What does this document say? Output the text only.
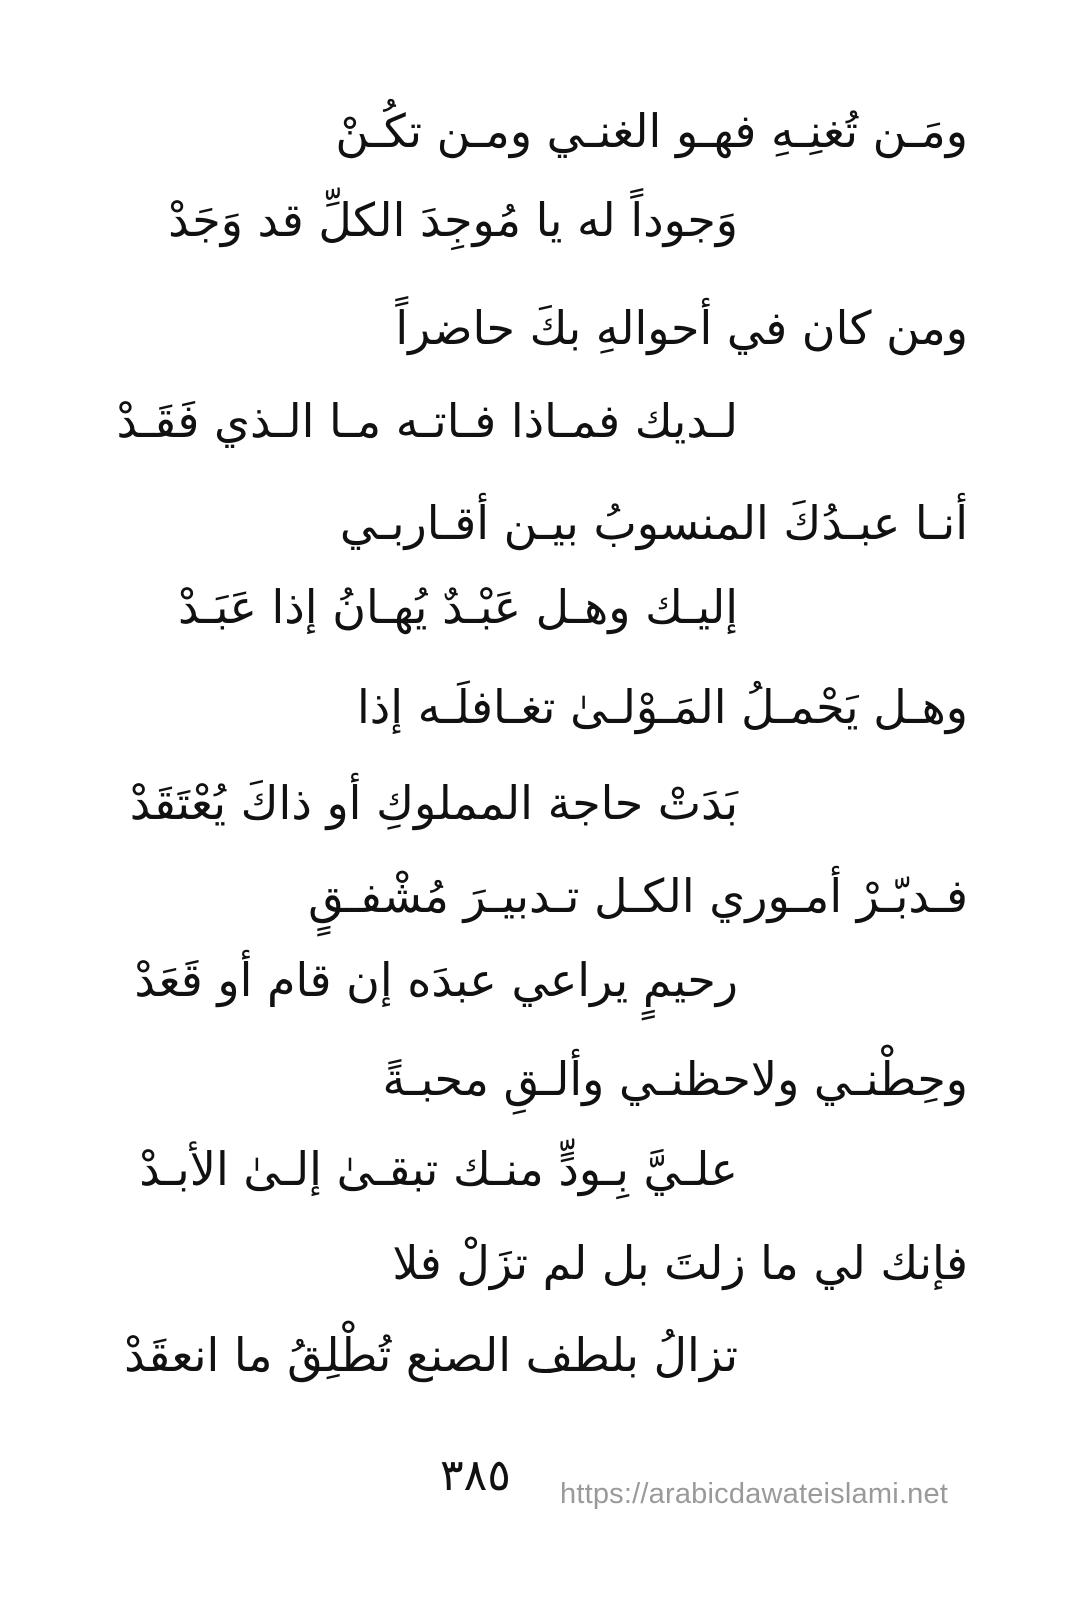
ومَـن تُغنِـهِ فهـو الغنـي ومـن تكُـنْ
وَجوداً له يا مُوجِدَ الكلِّ قد وَجَدْ
ومن كان في أحوالهِ بكَ حاضراً
لـديك فمـاذا فـاتـه مـا الـذي فَقَـدْ
أنـا عبـدُكَ المنسوبُ بيـن أقـاربـي
إليـك وهـل عَبْـدٌ يُهـانُ إذا عَبَـدْ
وهـل يَحْمـلُ المَـوْلـىٰ تغـافلَـه إذا
بَدَتْ حاجة المملوكِ أو ذاكَ يُعْتَقَدْ
فـدبّـرْ أمـوري الكـل تـدبيـرَ مُشْفـقٍ
رحيمٍ يراعي عبدَه إن قام أو قَعَدْ
وحِطْنـي ولاحظنـي وألـقِ محبـةً
علـيَّ بِـودٍّ منـك تبقـىٰ إلـىٰ الأبـدْ
فإنك لي ما زلتَ بل لم تزَلْ فلا
تزالُ بلطف الصنع تُطْلِقُ ما انعقَدْ
٣٨٥ https://arabicdawateislami.net
